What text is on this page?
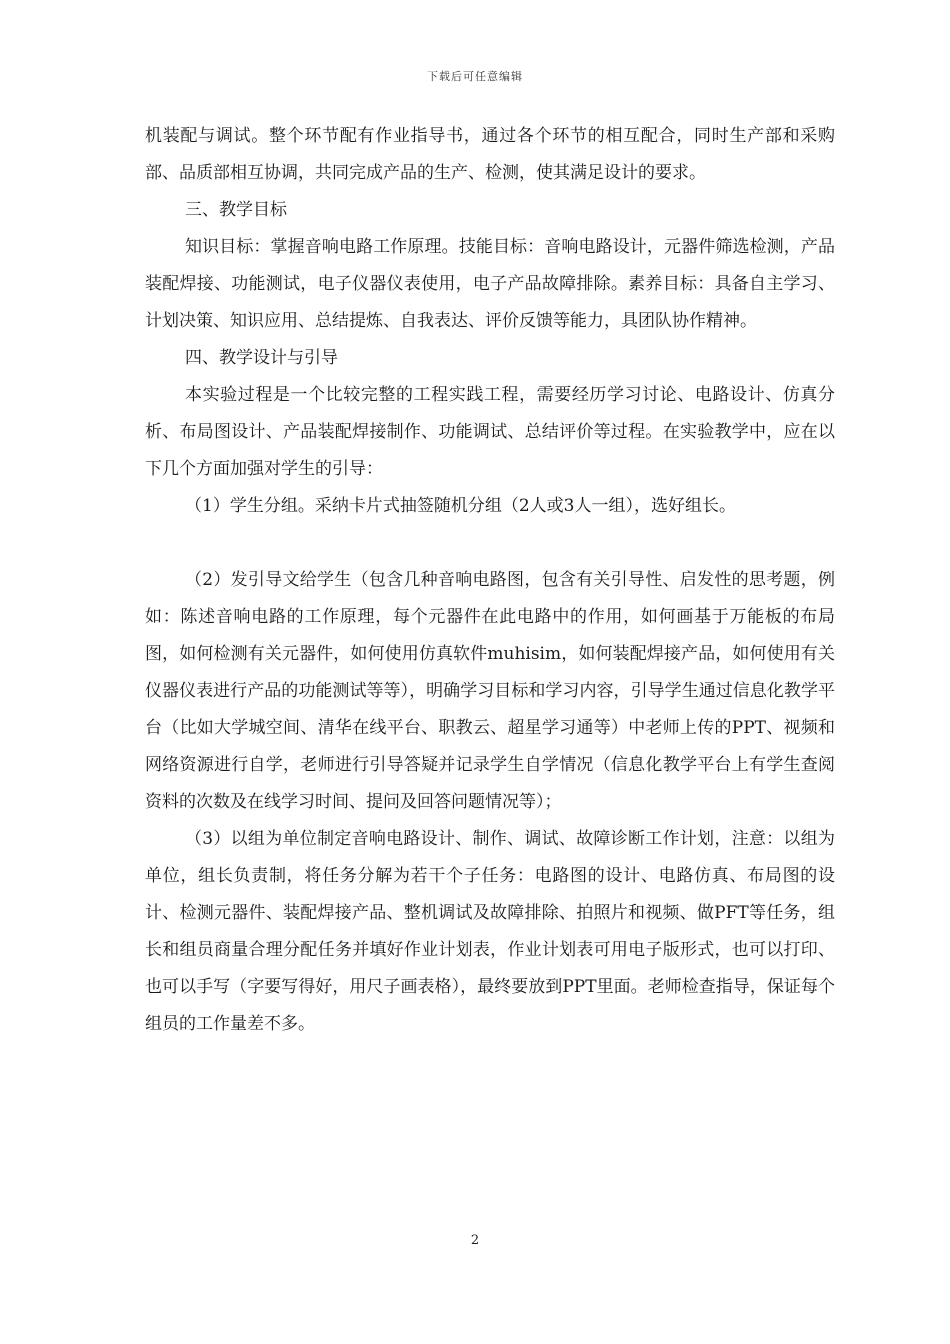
下载后可任意编辑

机装配与调试。整个环节配有作业指导书，通过各个环节的相互配合，同时生产部和采购部、品质部相互协调，共同完成产品的生产、检测，使其满足设计的要求。

三、教学目标

知识目标：掌握音响电路工作原理。技能目标：音响电路设计，元器件筛选检测，产品装配焊接、功能测试，电子仪器仪表使用，电子产品故障排除。素养目标：具备自主学习、计划决策、知识应用、总结提炼、自我表达、评价反馈等能力，具团队协作精神。

四、教学设计与引导

本实验过程是一个比较完整的工程实践工程，需要经历学习讨论、电路设计、仿真分析、布局图设计、产品装配焊接制作、功能调试、总结评价等过程。在实验教学中，应在以下几个方面加强对学生的引导：

（1）学生分组。采纳卡片式抽签随机分组（2人或3人一组），选好组长。

（2）发引导文给学生（包含几种音响电路图，包含有关引导性、启发性的思考题，例如：陈述音响电路的工作原理，每个元器件在此电路中的作用，如何画基于万能板的布局图，如何检测有关元器件，如何使用仿真软件muhisim，如何装配焊接产品，如何使用有关仪器仪表进行产品的功能测试等等），明确学习目标和学习内容，引导学生通过信息化教学平台（比如大学城空间、清华在线平台、职教云、超星学习通等）中老师上传的PPT、视频和网络资源进行自学，老师进行引导答疑并记录学生自学情况（信息化教学平台上有学生查阅资料的次数及在线学习时间、提问及回答问题情况等）；

（3）以组为单位制定音响电路设计、制作、调试、故障诊断工作计划，注意：以组为单位，组长负责制，将任务分解为若干个子任务：电路图的设计、电路仿真、布局图的设计、检测元器件、装配焊接产品、整机调试及故障排除、拍照片和视频、做PFT等任务，组长和组员商量合理分配任务并填好作业计划表，作业计划表可用电子版形式，也可以打印、也可以手写（字要写得好，用尺子画表格），最终要放到PPT里面。老师检查指导，保证每个组员的工作量差不多。

2
